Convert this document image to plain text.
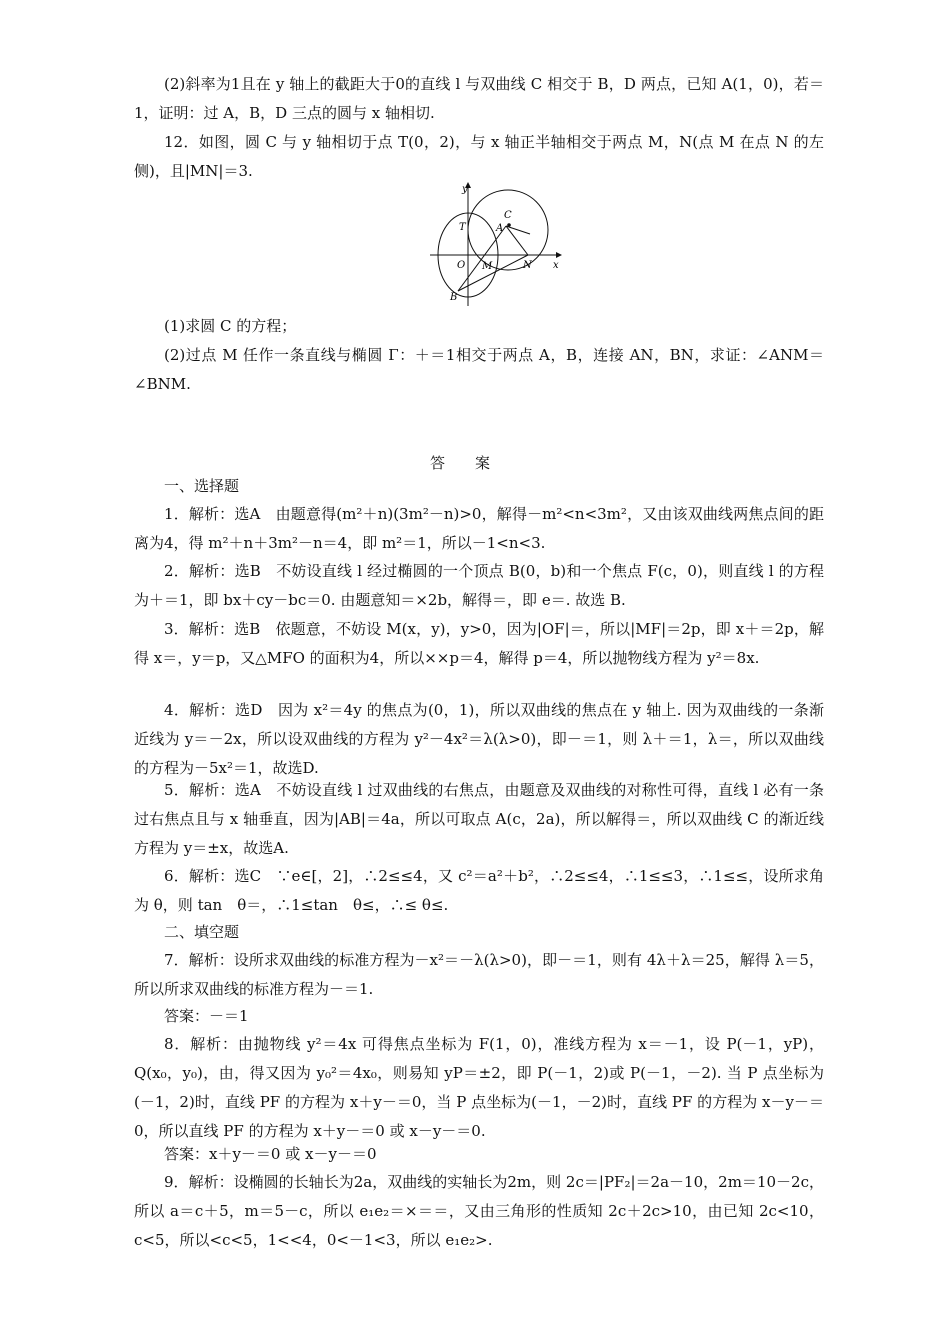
(2)斜率为1且在 y 轴上的截距大于0的直线 l 与双曲线 C 相交于 B，D 两点，已知 A(1，0)，若＝1，证明：过 A，B，D 三点的圆与 x 轴相切.

12．如图，圆 C 与 y 轴相切于点 T(0，2)，与 x 轴正半轴相交于两点 M，N(点 M 在点 N 的左侧)，且|MN|＝3.

y
x
T
C
A
O M	N
B

(1)求圆 C 的方程；

(2)过点 M 任作一条直线与椭圆 Γ：＋＝1相交于两点 A，B，连接 AN，BN，求证：∠ANM＝∠BNM.

答案

一、选择题

1．解析：选A　由题意得(m²＋n)(3m²－n)>0，解得－m²<n<3m²，又由该双曲线两焦点间的距离为4，得 m²＋n＋3m²－n＝4，即 m²＝1，所以－1<n<3.

2．解析：选B　不妨设直线 l 经过椭圆的一个顶点 B(0，b)和一个焦点 F(c，0)，则直线 l 的方程为＋＝1，即 bx＋cy－bc＝0. 由题意知＝×2b，解得＝，即 e＝. 故选 B.

3．解析：选B　依题意，不妨设 M(x，y)，y>0，因为|OF|＝，所以|MF|＝2p，即 x＋＝2p，解得 x＝，y＝p，又△MFO 的面积为4，所以××p＝4，解得 p＝4，所以抛物线方程为 y²＝8x.

4．解析：选D　因为 x²＝4y 的焦点为(0，1)，所以双曲线的焦点在 y 轴上. 因为双曲线的一条渐近线为 y＝－2x，所以设双曲线的方程为 y²－4x²＝λ(λ>0)，即－＝1，则 λ＋＝1，λ＝，所以双曲线的方程为－5x²＝1，故选D.

5．解析：选A　不妨设直线 l 过双曲线的右焦点，由题意及双曲线的对称性可得，直线 l 必有一条过右焦点且与 x 轴垂直，因为|AB|＝4a，所以可取点 A(c，2a)，所以解得＝，所以双曲线 C 的渐近线方程为 y＝±x，故选A.

6．解析：选C　∵e∈[，2]，∴2≤≤4，又 c²＝a²＋b²，∴2≤≤4，∴1≤≤3，∴1≤≤，设所求角为 θ，则 tan　θ＝，∴1≤tan　θ≤，∴≤ θ≤.

二、填空题

7．解析：设所求双曲线的标准方程为－x²＝－λ(λ>0)，即－＝1，则有 4λ＋λ＝25，解得 λ＝5，所以所求双曲线的标准方程为－＝1.

答案：－＝1

8．解析：由抛物线 y²＝4x 可得焦点坐标为 F(1，0)，准线方程为 x＝－1，设 P(－1，yP)，Q(x₀，y₀)，由，得又因为 y₀²＝4x₀，则易知 yP＝±2，即 P(－1，2)或 P(－1，－2). 当 P 点坐标为(－1，2)时，直线 PF 的方程为 x＋y－＝0，当 P 点坐标为(－1，－2)时，直线 PF 的方程为 x－y－＝0，所以直线 PF 的方程为 x＋y－＝0 或 x－y－＝0.

答案：x＋y－＝0 或 x－y－＝0

9．解析：设椭圆的长轴长为2a，双曲线的实轴长为2m，则 2c＝|PF₂|＝2a－10，2m＝10－2c，所以 a＝c＋5，m＝5－c，所以 e₁e₂＝×＝＝，又由三角形的性质知 2c＋2c>10，由已知 2c<10，c<5，所以<c<5，1<<4，0<－1<3，所以 e₁e₂>.
